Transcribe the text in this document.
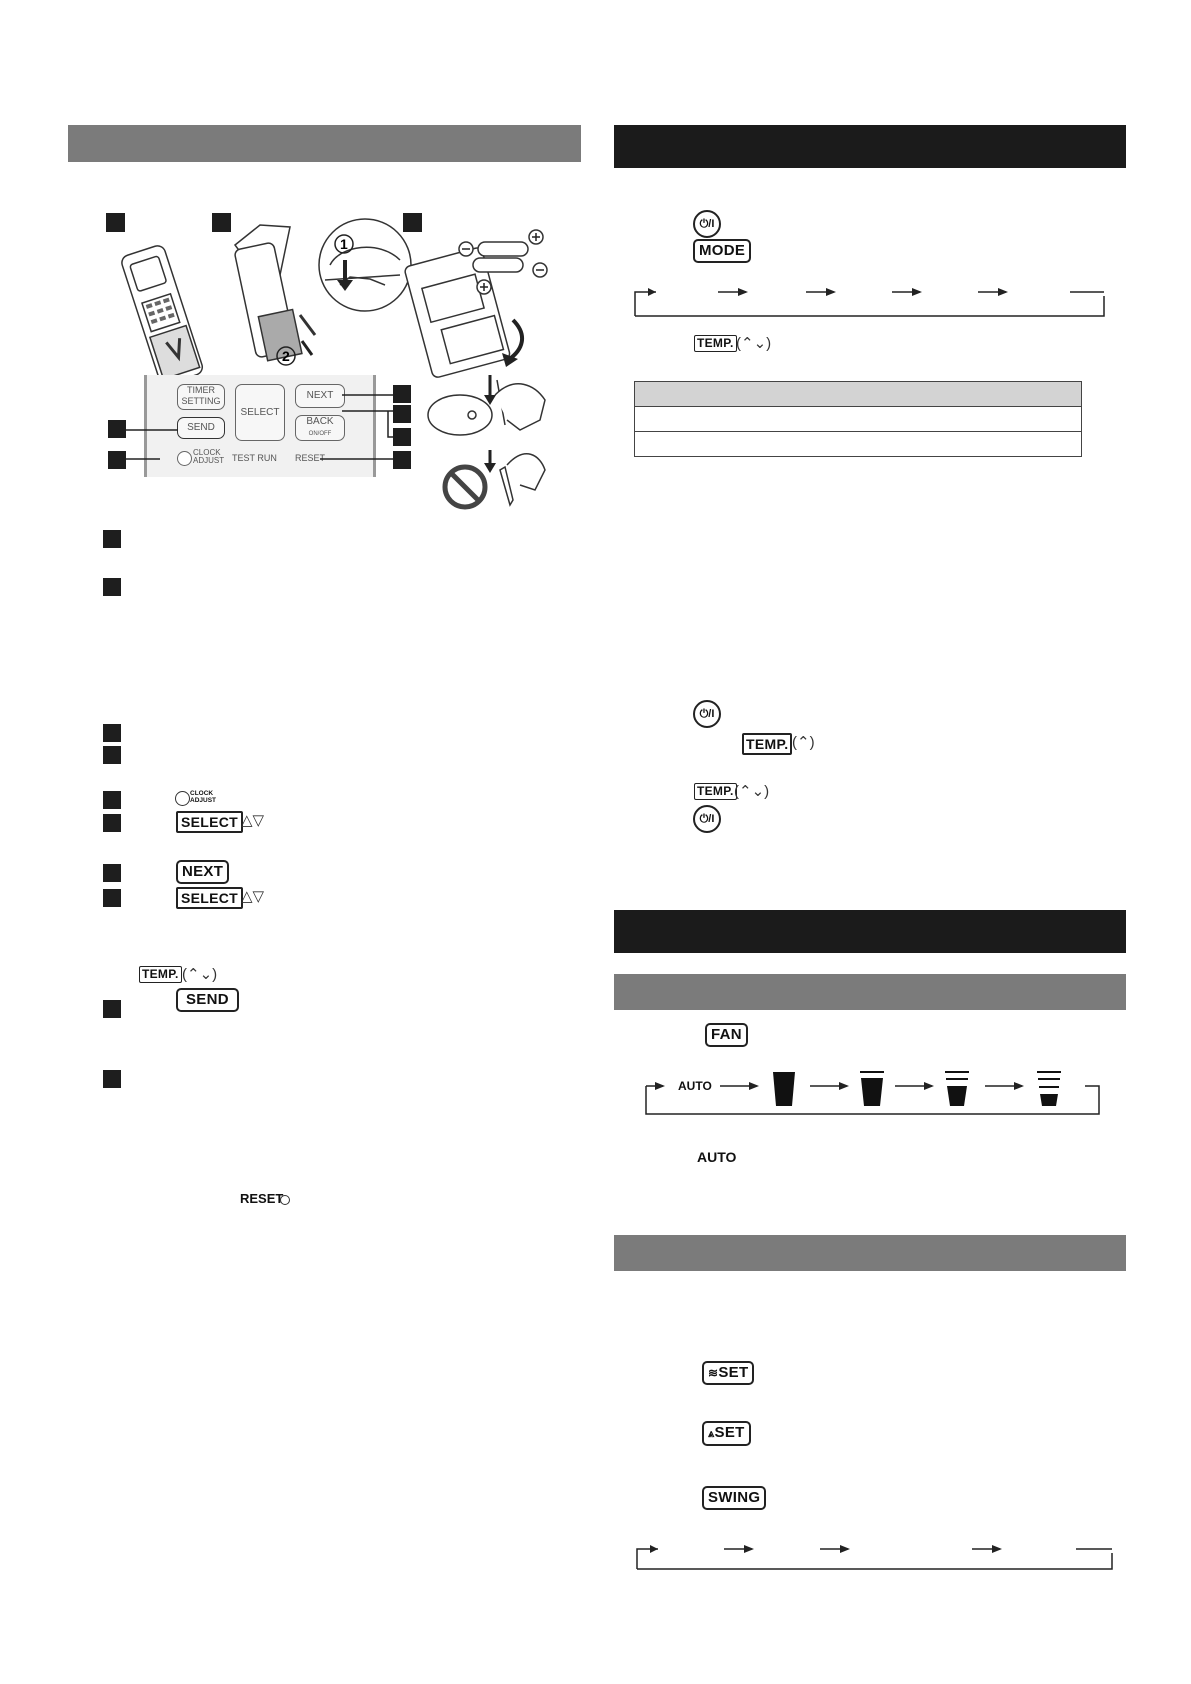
1
2
TIMER SETTING
SELECT
NEXT
SEND
BACK
ON/OFF
CLOCK ADJUST TEST RUN RESET
CLOCK ADJUST
SELECT △▽
NEXT
SELECT △▽
TEMP. (⌃⌄)
SEND
RESET
⏻/I
MODE
TEMP. (⌃⌄)

⏻/I
TEMP. (⌃)
TEMP. (⌃⌄)
⏻/I
FAN
AUTO
AUTO
≋SET
⩓SET
SWING
